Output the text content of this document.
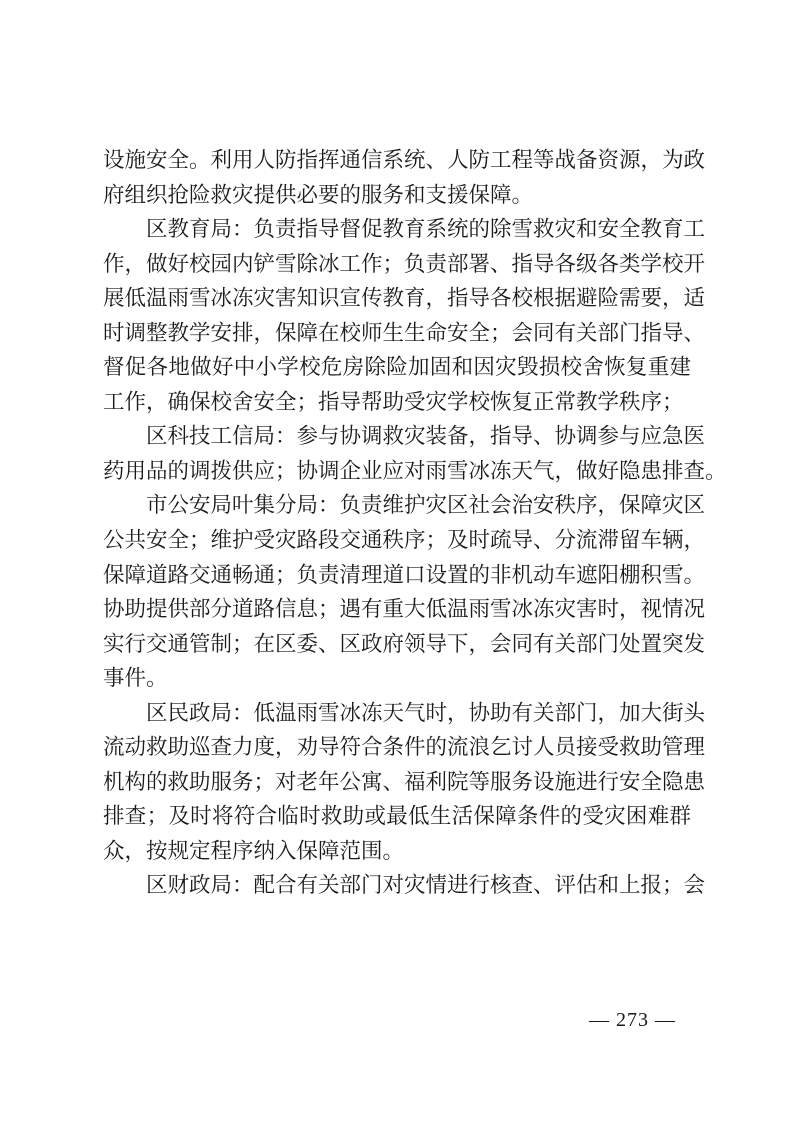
设施安全。利用人防指挥通信系统、人防工程等战备资源，为政
府组织抢险救灾提供必要的服务和支援保障。
区教育局：负责指导督促教育系统的除雪救灾和安全教育工
作，做好校园内铲雪除冰工作；负责部署、指导各级各类学校开
展低温雨雪冰冻灾害知识宣传教育，指导各校根据避险需要，适
时调整教学安排，保障在校师生生命安全；会同有关部门指导、
督促各地做好中小学校危房除险加固和因灾毁损校舍恢复重建
工作，确保校舍安全；指导帮助受灾学校恢复正常教学秩序；
区科技工信局：参与协调救灾装备，指导、协调参与应急医
药用品的调拨供应；协调企业应对雨雪冰冻天气，做好隐患排查。
市公安局叶集分局：负责维护灾区社会治安秩序，保障灾区
公共安全；维护受灾路段交通秩序；及时疏导、分流滞留车辆，
保障道路交通畅通；负责清理道口设置的非机动车遮阳棚积雪。
协助提供部分道路信息；遇有重大低温雨雪冰冻灾害时，视情况
实行交通管制；在区委、区政府领导下，会同有关部门处置突发
事件。
区民政局：低温雨雪冰冻天气时，协助有关部门，加大街头
流动救助巡查力度，劝导符合条件的流浪乞讨人员接受救助管理
机构的救助服务；对老年公寓、福利院等服务设施进行安全隐患
排查；及时将符合临时救助或最低生活保障条件的受灾困难群
众，按规定程序纳入保障范围。
区财政局：配合有关部门对灾情进行核查、评估和上报；会
— 273 —
